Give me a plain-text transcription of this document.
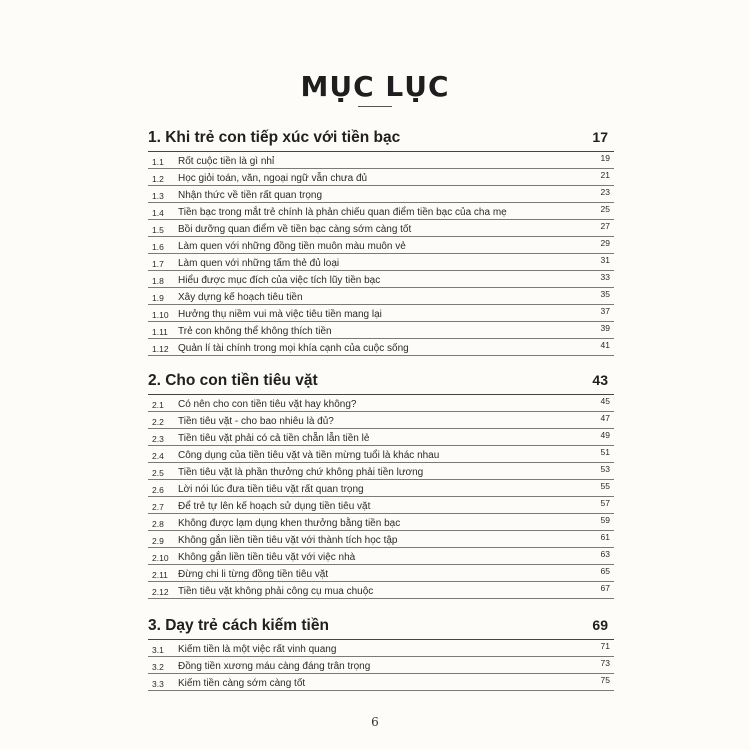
MỤC LỤC
1. Khi trẻ con tiếp xúc với tiền bạc	17
1.1	Rốt cuộc tiền là gì nhỉ	19
1.2	Học giỏi toán, văn, ngoại ngữ vẫn chưa đủ	21
1.3	Nhận thức về tiền rất quan trọng	23
1.4	Tiền bạc trong mắt trẻ chính là phản chiếu quan điểm tiền bạc của cha mẹ	25
1.5	Bồi dưỡng quan điểm về tiền bạc càng sớm càng tốt	27
1.6	Làm quen với những đồng tiền muôn màu muôn vẻ	29
1.7	Làm quen với những tấm thẻ đủ loại	31
1.8	Hiểu được mục đích của việc tích lũy tiền bạc	33
1.9	Xây dựng kế hoạch tiêu tiền	35
1.10 Hưởng thụ niềm vui mà việc tiêu tiền mang lại	37
1.11	Trẻ con không thể không thích tiền	39
1.12 Quản lí tài chính trong mọi khía cạnh của cuộc sống	41
2. Cho con tiền tiêu vặt	43
2.1	Có nên cho con tiền tiêu vặt hay không?	45
2.2	Tiền tiêu vặt - cho bao nhiêu là đủ?	47
2.3	Tiền tiêu vặt phải có cả tiền chẵn lẫn tiền lẻ	49
2.4	Công dụng của tiền tiêu vặt và tiền mừng tuổi là khác nhau	51
2.5	Tiền tiêu vặt là phần thưởng chứ không phải tiền lương	53
2.6	Lời nói lúc đưa tiền tiêu vặt rất quan trọng	55
2.7	Để trẻ tự lên kế hoạch sử dụng tiền tiêu vặt	57
2.8	Không được lạm dụng khen thưởng bằng tiền bạc	59
2.9	Không gắn liền tiền tiêu vặt với thành tích học tập	61
2.10 Không gắn liền tiền tiêu vặt với việc nhà	63
2.11	Đừng chi li từng đồng tiền tiêu vặt	65
2.12 Tiền tiêu vặt không phải công cụ mua chuộc	67
3. Dạy trẻ cách kiếm tiền	69
3.1	Kiếm tiền là một việc rất vinh quang	71
3.2	Đồng tiền xương máu càng đáng trân trọng	73
3.3	Kiếm tiền càng sớm càng tốt	75
6
